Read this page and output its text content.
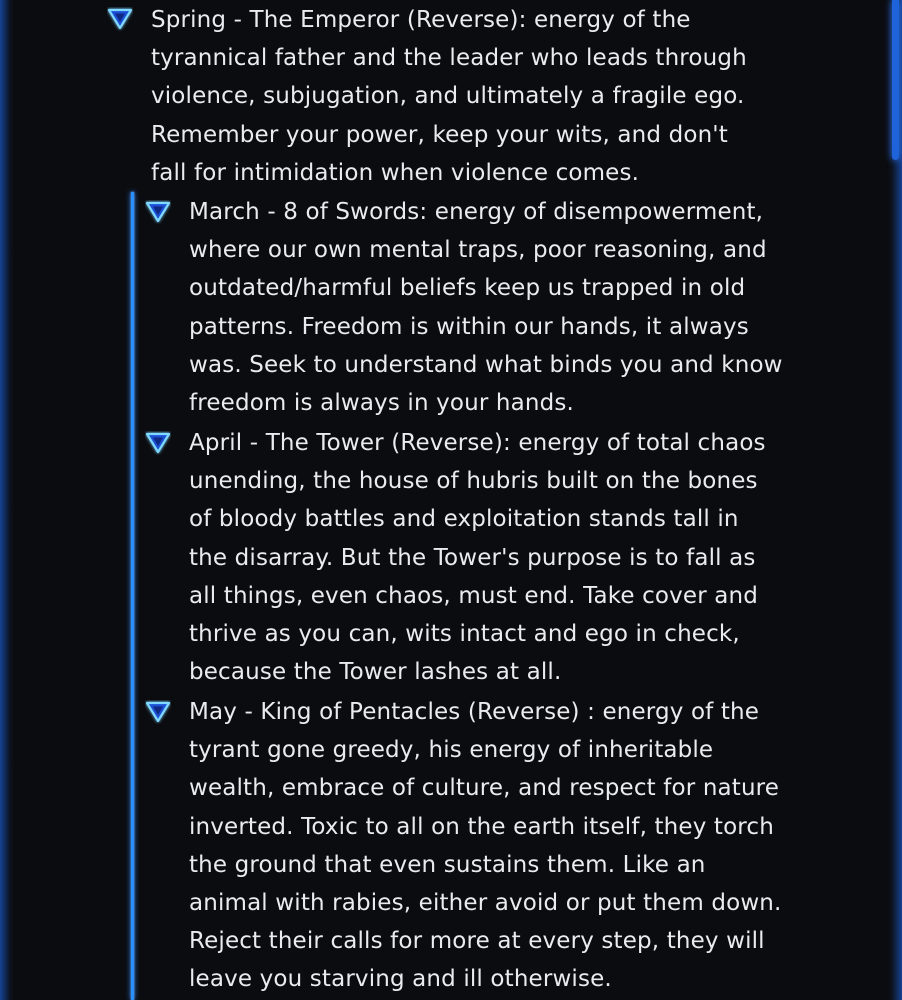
Spring - The Emperor (Reverse): energy of the tyrannical father and the leader who leads through violence, subjugation, and ultimately a fragile ego. Remember your power, keep your wits, and don't fall for intimidation when violence comes.
March - 8 of Swords: energy of disempowerment, where our own mental traps, poor reasoning, and outdated/harmful beliefs keep us trapped in old patterns. Freedom is within our hands, it always was. Seek to understand what binds you and know freedom is always in your hands.
April - The Tower (Reverse): energy of total chaos unending, the house of hubris built on the bones of bloody battles and exploitation stands tall in the disarray. But the Tower's purpose is to fall as all things, even chaos, must end. Take cover and thrive as you can, wits intact and ego in check, because the Tower lashes at all.
May - King of Pentacles (Reverse) : energy of the tyrant gone greedy, his energy of inheritable wealth, embrace of culture, and respect for nature inverted. Toxic to all on the earth itself, they torch the ground that even sustains them. Like an animal with rabies, either avoid or put them down. Reject their calls for more at every step, they will leave you starving and ill otherwise.
